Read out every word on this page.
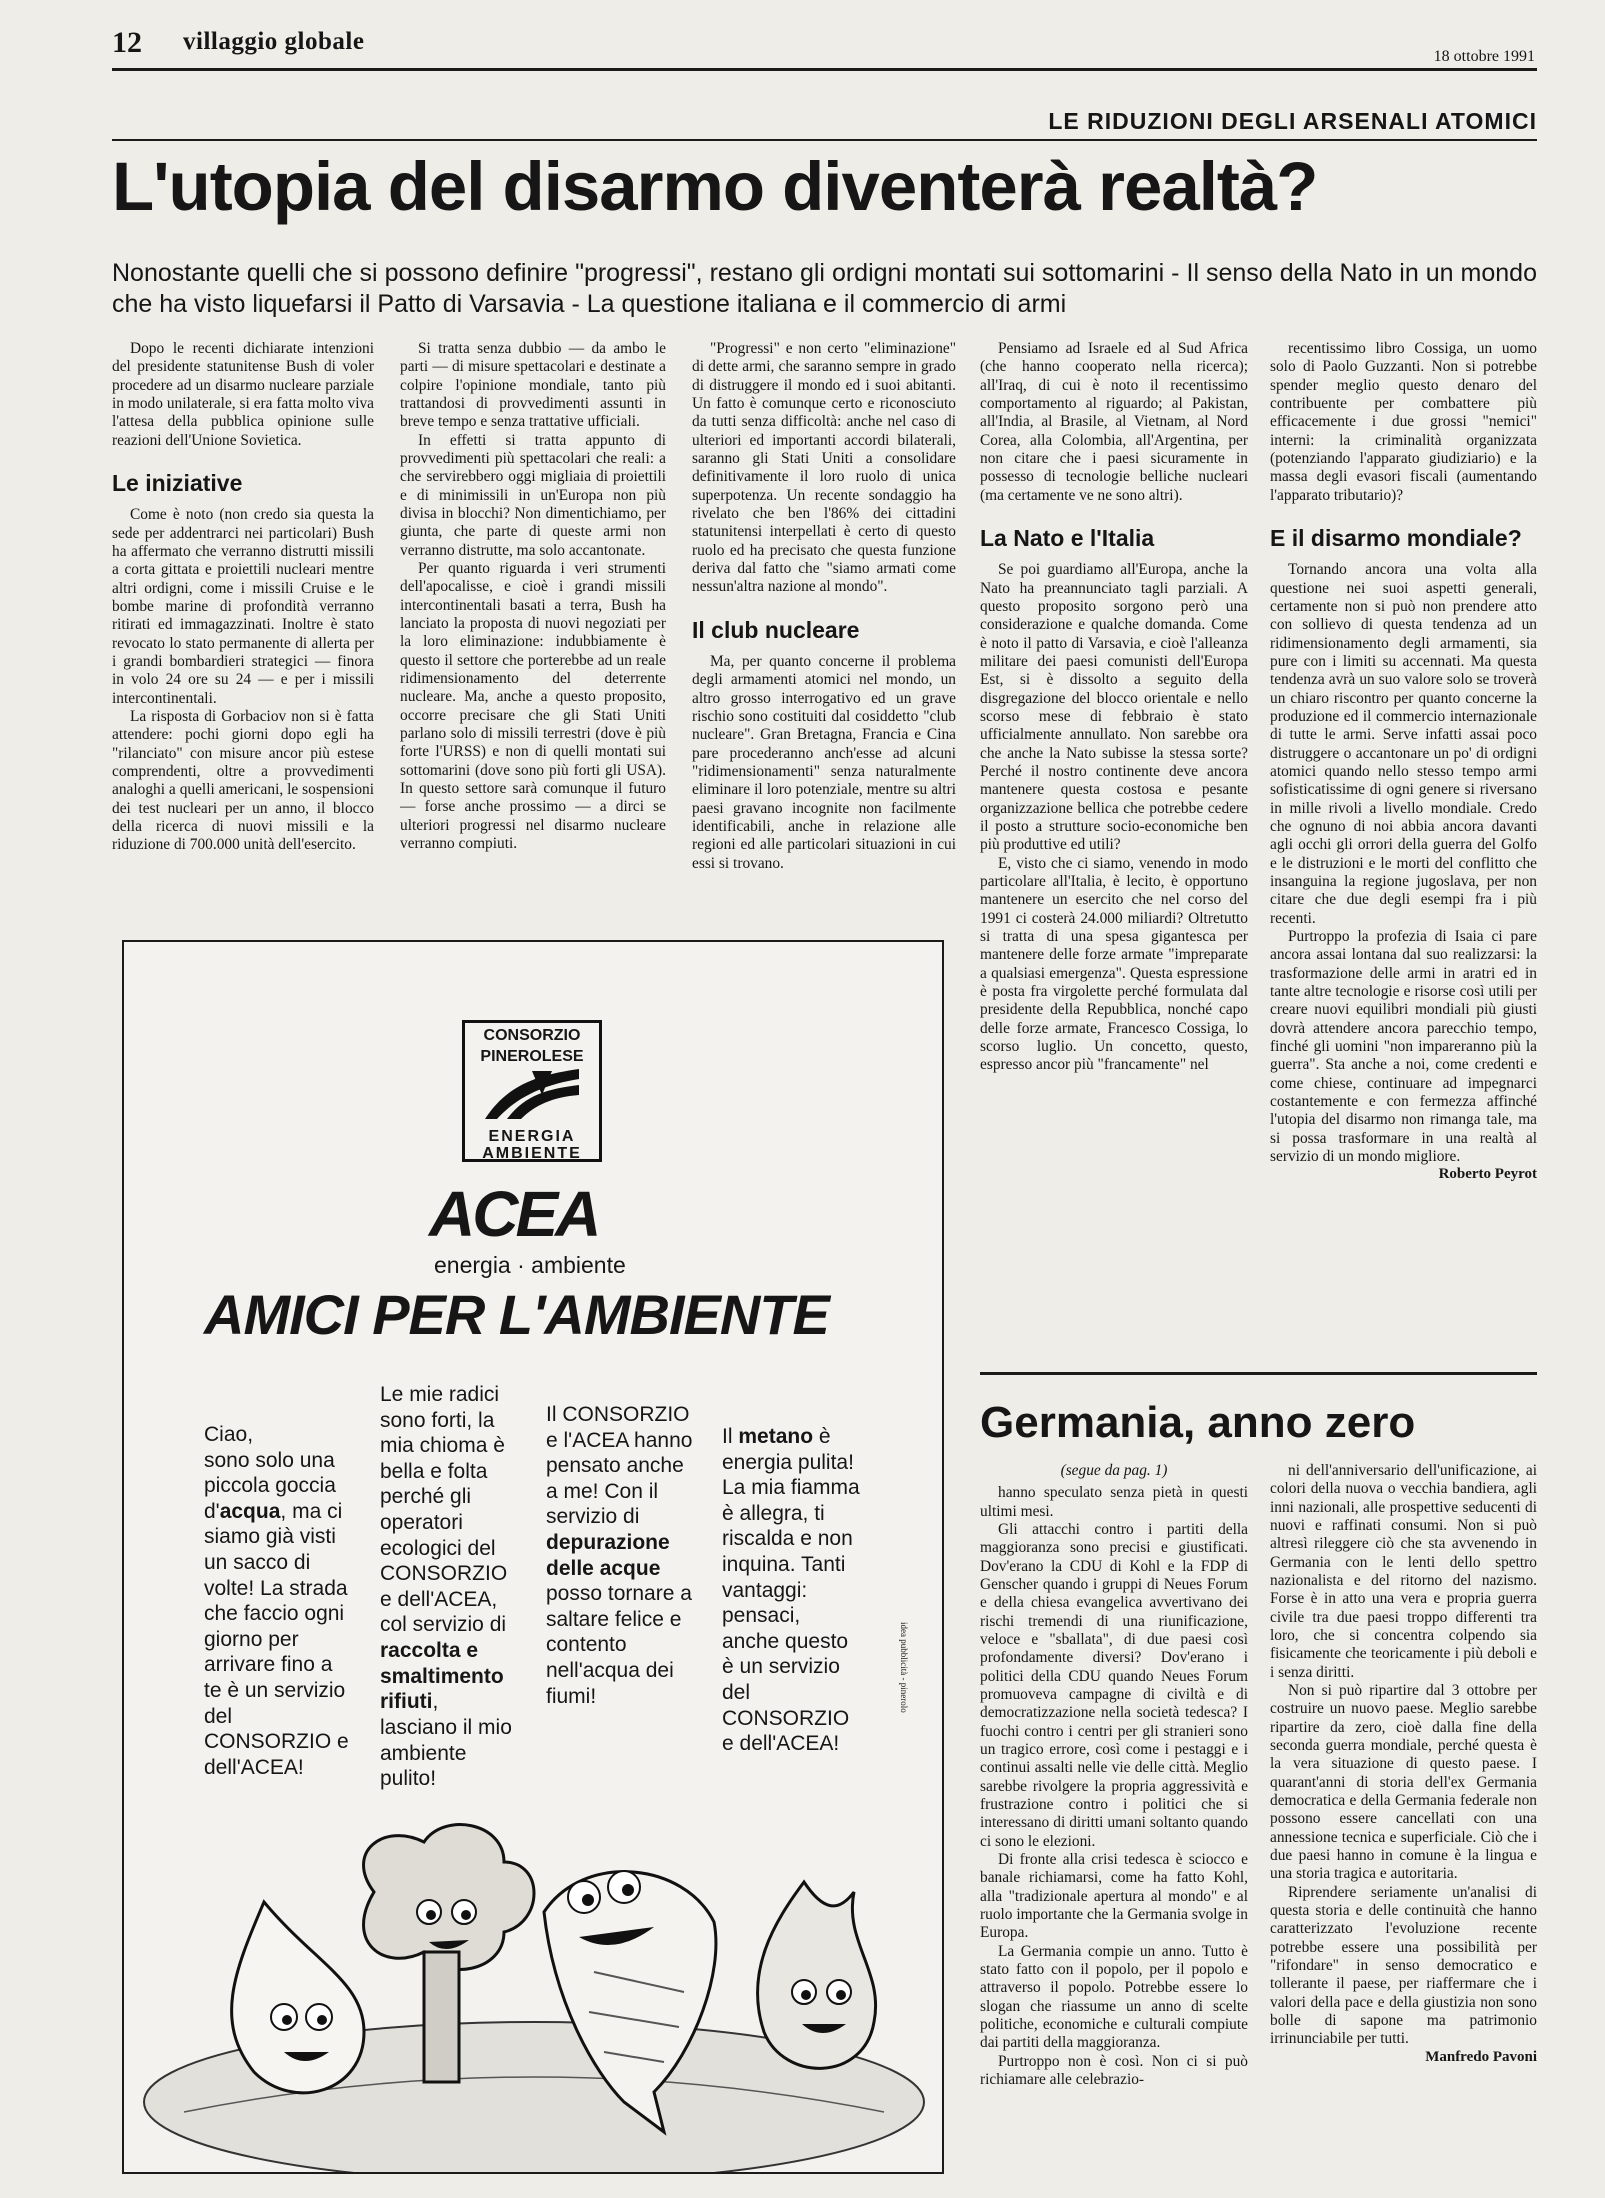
12 villaggio globale
18 ottobre 1991
LE RIDUZIONI DEGLI ARSENALI ATOMICI
L'utopia del disarmo diventerà realtà?
Nonostante quelli che si possono definire "progressi", restano gli ordigni montati sui sottomarini - Il senso della Nato in un mondo che ha visto liquefarsi il Patto di Varsavia - La questione italiana e il commercio di armi

Dopo le recenti dichiarate intenzioni del presidente statunitense Bush di voler procedere ad un disarmo nucleare parziale in modo unilaterale, si era fatta molto viva l'attesa della pubblica opinione sulle reazioni dell'Unione Sovietica.

Le iniziative

Come è noto (non credo sia questa la sede per addentrarci nei particolari) Bush ha affermato che verranno distrutti missili a corta gittata e proiettili nucleari mentre altri ordigni, come i missili Cruise e le bombe marine di profondità verranno ritirati ed immagazzinati. Inoltre è stato revocato lo stato permanente di allerta per i grandi bombardieri strategici — finora in volo 24 ore su 24 — e per i missili intercontinentali.

La risposta di Gorbaciov non si è fatta attendere: pochi giorni dopo egli ha "rilanciato" con misure ancor più estese comprendenti, oltre a provvedimenti analoghi a quelli americani, le sospensioni dei test nucleari per un anno, il blocco della ricerca di nuovi missili e la riduzione di 700.000 unità dell'esercito.

Si tratta senza dubbio — da ambo le parti — di misure spettacolari e destinate a colpire l'opinione mondiale, tanto più trattandosi di provvedimenti assunti in breve tempo e senza trattative ufficiali.

In effetti si tratta appunto di provvedimenti più spettacolari che reali: a che servirebbero oggi migliaia di proiettili e di minimissili in un'Europa non più divisa in blocchi? Non dimentichiamo, per giunta, che parte di queste armi non verranno distrutte, ma solo accantonate.

Per quanto riguarda i veri strumenti dell'apocalisse, e cioè i grandi missili intercontinentali basati a terra, Bush ha lanciato la proposta di nuovi negoziati per la loro eliminazione: indubbiamente è questo il settore che porterebbe ad un reale ridimensionamento del deterrente nucleare. Ma, anche a questo proposito, occorre precisare che gli Stati Uniti parlano solo di missili terrestri (dove è più forte l'URSS) e non di quelli montati sui sottomarini (dove sono più forti gli USA). In questo settore sarà comunque il futuro — forse anche prossimo — a dirci se ulteriori progressi nel disarmo nucleare verranno compiuti.

"Progressi" e non certo "eliminazione" di dette armi, che saranno sempre in grado di distruggere il mondo ed i suoi abitanti. Un fatto è comunque certo e riconosciuto da tutti senza difficoltà: anche nel caso di ulteriori ed importanti accordi bilaterali, saranno gli Stati Uniti a consolidare definitivamente il loro ruolo di unica superpotenza. Un recente sondaggio ha rivelato che ben l'86% dei cittadini statunitensi interpellati è certo di questo ruolo ed ha precisato che questa funzione deriva dal fatto che "siamo armati come nessun'altra nazione al mondo".

Il club nucleare

Ma, per quanto concerne il problema degli armamenti atomici nel mondo, un altro grosso interrogativo ed un grave rischio sono costituiti dal cosiddetto "club nucleare". Gran Bretagna, Francia e Cina pare procederanno anch'esse ad alcuni "ridimensionamenti" senza naturalmente eliminare il loro potenziale, mentre su altri paesi gravano incognite non facilmente identificabili, anche in relazione alle regioni ed alle particolari situazioni in cui essi si trovano.

Pensiamo ad Israele ed al Sud Africa (che hanno cooperato nella ricerca); all'Iraq, di cui è noto il recentissimo comportamento al riguardo; al Pakistan, all'India, al Brasile, al Vietnam, al Nord Corea, alla Colombia, all'Argentina, per non citare che i paesi sicuramente in possesso di tecnologie belliche nucleari (ma certamente ve ne sono altri).

La Nato e l'Italia

Se poi guardiamo all'Europa, anche la Nato ha preannunciato tagli parziali. A questo proposito sorgono però una considerazione e qualche domanda. Come è noto il patto di Varsavia, e cioè l'alleanza militare dei paesi comunisti dell'Europa Est, si è dissolto a seguito della disgregazione del blocco orientale e nello scorso mese di febbraio è stato ufficialmente annullato. Non sarebbe ora che anche la Nato subisse la stessa sorte? Perché il nostro continente deve ancora mantenere questa costosa e pesante organizzazione bellica che potrebbe cedere il posto a strutture socio-economiche ben più produttive ed utili?

E, visto che ci siamo, venendo in modo particolare all'Italia, è lecito, è opportuno mantenere un esercito che nel corso del 1991 ci costerà 24.000 miliardi? Oltretutto si tratta di una spesa gigantesca per mantenere delle forze armate "impreparate a qualsiasi emergenza". Questa espressione è posta fra virgolette perché formulata dal presidente della Repubblica, nonché capo delle forze armate, Francesco Cossiga, lo scorso luglio. Un concetto, questo, espresso ancor più "francamente" nel

recentissimo libro Cossiga, un uomo solo di Paolo Guzzanti. Non si potrebbe spender meglio questo denaro del contribuente per combattere più efficacemente i due grossi "nemici" interni: la criminalità organizzata (potenziando l'apparato giudiziario) e la massa degli evasori fiscali (aumentando l'apparato tributario)?

E il disarmo mondiale?

Tornando ancora una volta alla questione nei suoi aspetti generali, certamente non si può non prendere atto con sollievo di questa tendenza ad un ridimensionamento degli armamenti, sia pure con i limiti su accennati. Ma questa tendenza avrà un suo valore solo se troverà un chiaro riscontro per quanto concerne la produzione ed il commercio internazionale di tutte le armi. Serve infatti assai poco distruggere o accantonare un po' di ordigni atomici quando nello stesso tempo armi sofisticatissime di ogni genere si riversano in mille rivoli a livello mondiale. Credo che ognuno di noi abbia ancora davanti agli occhi gli orrori della guerra del Golfo e le distruzioni e le morti del conflitto che insanguina la regione jugoslava, per non citare che due degli esempi fra i più recenti.

Purtroppo la profezia di Isaia ci pare ancora assai lontana dal suo realizzarsi: la trasformazione delle armi in aratri ed in tante altre tecnologie e risorse così utili per creare nuovi equilibri mondiali più giusti dovrà attendere ancora parecchio tempo, finché gli uomini "non impareranno più la guerra". Sta anche a noi, come credenti e come chiese, continuare ad impegnarci costantemente e con fermezza affinché l'utopia del disarmo non rimanga tale, ma si possa trasformare in una realtà al servizio di un mondo migliore.

Roberto Peyrot

CONSORZIO
PINEROLESE
ENERGIA
AMBIENTE
ACEA
energia · ambiente
AMICI PER L'AMBIENTE
Ciao,
sono solo una piccola goccia d'acqua, ma ci siamo già visti un sacco di volte! La strada che faccio ogni giorno per arrivare fino a te è un servizio del CONSORZIO e dell'ACEA!
Le mie radici sono forti, la mia chioma è bella e folta perché gli operatori ecologici del CONSORZIO e dell'ACEA, col servizio di raccolta e smaltimento rifiuti, lasciano il mio ambiente pulito!
Il CONSORZIO e l'ACEA hanno pensato anche a me! Con il servizio di depurazione delle acque posso tornare a saltare felice e contento nell'acqua dei fiumi!
Il metano è energia pulita! La mia fiamma è allegra, ti riscalda e non inquina. Tanti vantaggi: pensaci, anche questo è un servizio del CONSORZIO e dell'ACEA!
idea pubblicità - pinerolo
Germania, anno zero

(segue da pag. 1)

hanno speculato senza pietà in questi ultimi mesi.

Gli attacchi contro i partiti della maggioranza sono precisi e giustificati. Dov'erano la CDU di Kohl e la FDP di Genscher quando i gruppi di Neues Forum e della chiesa evangelica avvertivano dei rischi tremendi di una riunificazione, veloce e "sballata", di due paesi così profondamente diversi? Dov'erano i politici della CDU quando Neues Forum promuoveva campagne di civiltà e di democratizzazione nella società tedesca? I fuochi contro i centri per gli stranieri sono un tragico errore, così come i pestaggi e i continui assalti nelle vie delle città. Meglio sarebbe rivolgere la propria aggressività e frustrazione contro i politici che si interessano di diritti umani soltanto quando ci sono le elezioni.

Di fronte alla crisi tedesca è sciocco e banale richiamarsi, come ha fatto Kohl, alla "tradizionale apertura al mondo" e al ruolo importante che la Germania svolge in Europa.

La Germania compie un anno. Tutto è stato fatto con il popolo, per il popolo e attraverso il popolo. Potrebbe essere lo slogan che riassume un anno di scelte politiche, economiche e culturali compiute dai partiti della maggioranza.

Purtroppo non è così. Non ci si può richiamare alle celebrazio-

ni dell'anniversario dell'unificazione, ai colori della nuova o vecchia bandiera, agli inni nazionali, alle prospettive seducenti di nuovi e raffinati consumi. Non si può altresì rileggere ciò che sta avvenendo in Germania con le lenti dello spettro nazionalista e del ritorno del nazismo. Forse è in atto una vera e propria guerra civile tra due paesi troppo differenti tra loro, che si concentra colpendo sia fisicamente che teoricamente i più deboli e i senza diritti.

Non si può ripartire dal 3 ottobre per costruire un nuovo paese. Meglio sarebbe ripartire da zero, cioè dalla fine della seconda guerra mondiale, perché questa è la vera situazione di questo paese. I quarant'anni di storia dell'ex Germania democratica e della Germania federale non possono essere cancellati con una annessione tecnica e superficiale. Ciò che i due paesi hanno in comune è la lingua e una storia tragica e autoritaria.

Riprendere seriamente un'analisi di questa storia e delle continuità che hanno caratterizzato l'evoluzione recente potrebbe essere una possibilità per "rifondare" in senso democratico e tollerante il paese, per riaffermare che i valori della pace e della giustizia non sono bolle di sapone ma patrimonio irrinunciabile per tutti.

Manfredo Pavoni
